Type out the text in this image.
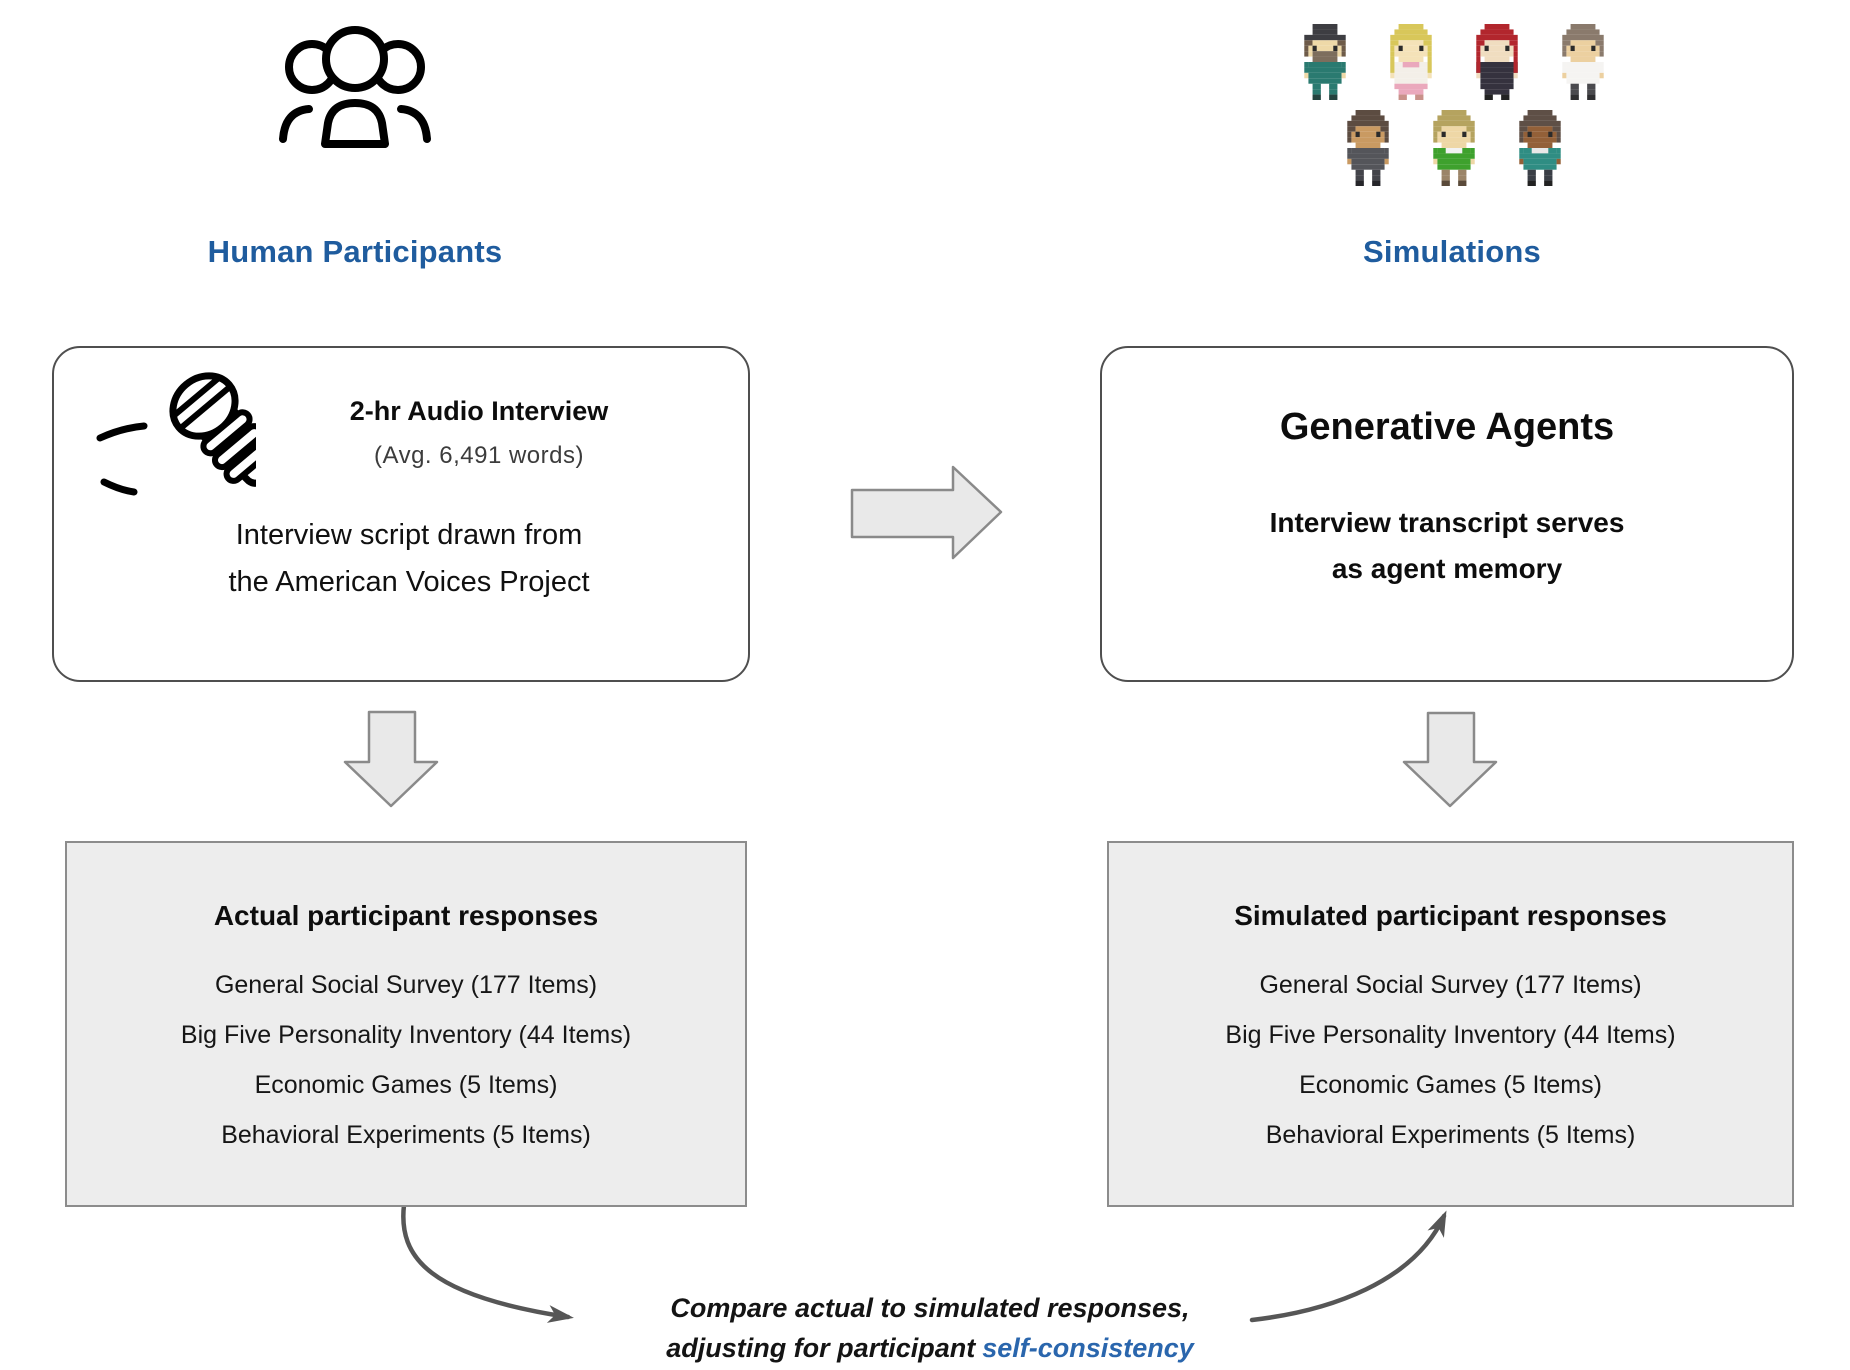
Human Participants	Simulations
2-hr Audio Interview
(Avg. 6,491 words)
Interview script drawn from
the American Voices Project
Generative Agents
Interview transcript serves
as agent memory
Actual participant responses
General Social Survey (177 Items)
Big Five Personality Inventory (44 Items)
Economic Games (5 Items)
Behavioral Experiments (5 Items)
Simulated participant responses
General Social Survey (177 Items)
Big Five Personality Inventory (44 Items)
Economic Games (5 Items)
Behavioral Experiments (5 Items)
Compare actual to simulated responses,
adjusting for participant self-consistency
